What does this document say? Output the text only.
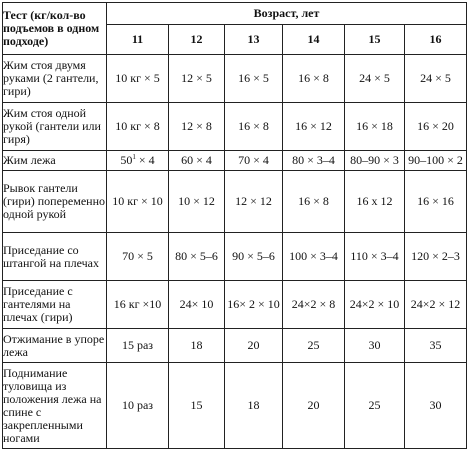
Тест (кг/кол-во подъемов в одном подходе)	Возраст, лет					
	11	12	13	14	15	16
Жим стоя двумя руками (2 гантели, гири)	10 кг × 5	12 × 5	16 × 5	16 × 8	24 × 5	24 × 5
Жим стоя одной рукой (гантели или гиря)	10 кг × 8	12 × 8	16 × 8	16 × 12	16 × 18	16 × 20
Жим лежа	$50^1 \times 4$	60 × 4	70 × 4	80 × 3–4	80–90 × 3	90–100 × 2
Рывок гантели (гири) попеременно одной рукой	10 кг × 10	10 × 12	12 × 12	16 × 8	16 х 12	16 × 16
Приседание со штангой на плечах	70 × 5	80 × 5–6	90 × 5–6	100 × 3–4	110 × 3–4	120 × 2–3
Приседание с гантелями на плечах (гири)	16 кг ×10	24× 10	16× 2 × 10	24×2 × 8	24×2 × 10	24×2 × 12
Отжимание в упоре лежа	15 раз	18	20	25	30	35
Поднимание туловища из положения лежа на спине с закрепленными ногами	10 раз	15	18	20	25	30
